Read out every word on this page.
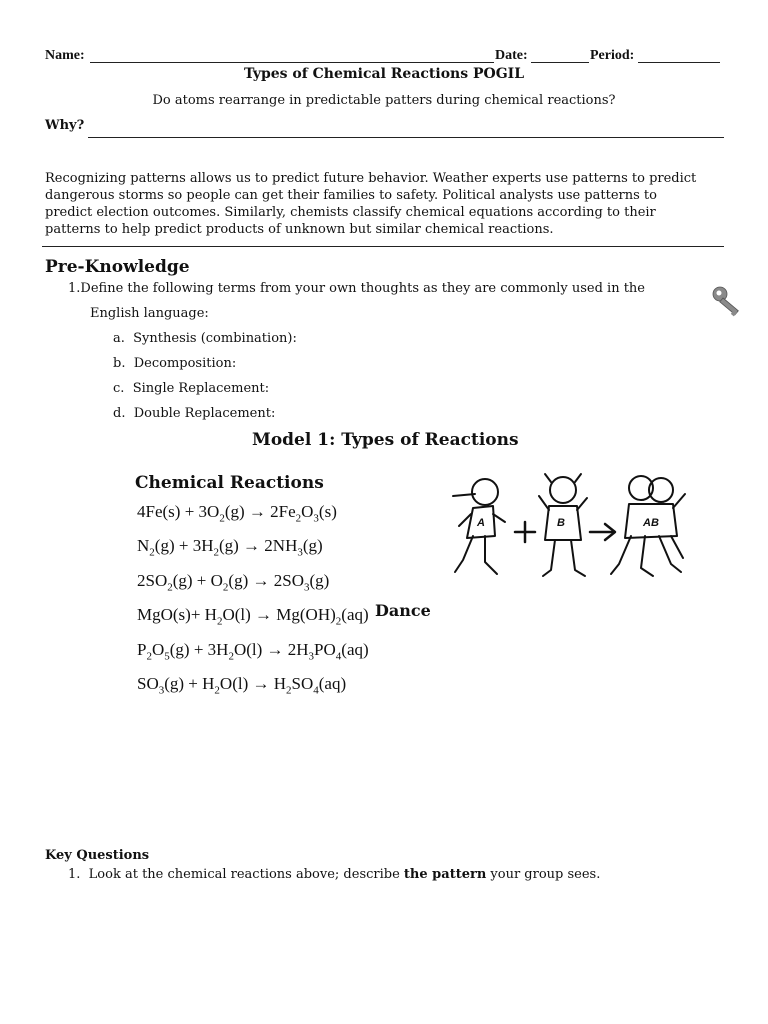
Name:	Date:	Period:
Types of Chemical Reactions POGIL
Do atoms rearrange in predictable patters during chemical reactions?
Why?
Recognizing patterns allows us to predict future behavior. Weather experts use patterns to predict
dangerous storms so people can get their families to safety. Political analysts use patterns to
predict election outcomes. Similarly, chemists classify chemical equations according to their
patterns to help predict products of unknown but similar chemical reactions.
Pre-Knowledge
1.Define the following terms from your own thoughts as they are commonly used in the
English language:
a. Synthesis (combination):
b. Decomposition:
c. Single Replacement:
d. Double Replacement:
Model 1: Types of Reactions
Chemical Reactions
$4Fe(s) + 3O_2(g) \to 2Fe_2O_3(s)$
$N_2(g) + 3H_2(g) \to 2NH_3(g)$
$2SO_2(g) + O_2(g) \to 2SO_3(g)$
$MgO(s)+ H_2O(l) \to Mg(OH)_2(aq)$
$P_2O_5(g) + 3H_2O(l) \to 2H_3PO_4(aq)$
$SO_3(g) + H_2O(l) \to H_2SO_4(aq)$
A	B	AB
Dance
Key Questions
1. Look at the chemical reactions above; describe the pattern your group sees.
